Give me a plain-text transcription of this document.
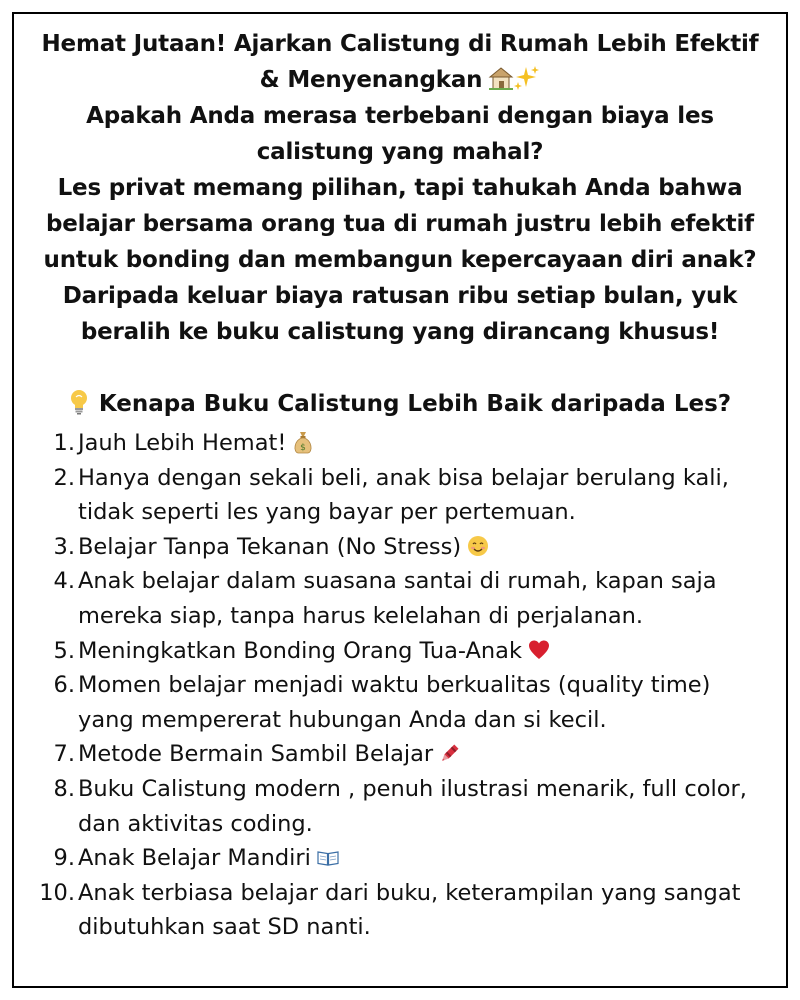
Hemat Jutaan! Ajarkan Calistung di Rumah Lebih Efektif & Menyenangkan

Apakah Anda merasa terbebani dengan biaya les calistung yang mahal?

Les privat memang pilihan, tapi tahukah Anda bahwa belajar bersama orang tua di rumah justru lebih efektif untuk bonding dan membangun kepercayaan diri anak? Daripada keluar biaya ratusan ribu setiap bulan, yuk beralih ke buku calistung yang dirancang khusus!

Kenapa Buku Calistung Lebih Baik daripada Les?
1. Jauh Lebih Hemat! $
2. Hanya dengan sekali beli, anak bisa belajar berulang kali, tidak seperti les yang bayar per pertemuan.
3. Belajar Tanpa Tekanan (No Stress)
4. Anak belajar dalam suasana santai di rumah, kapan saja mereka siap, tanpa harus kelelahan di perjalanan.
5. Meningkatkan Bonding Orang Tua-Anak
6. Momen belajar menjadi waktu berkualitas (quality time) yang mempererat hubungan Anda dan si kecil.
7. Metode Bermain Sambil Belajar
8. Buku Calistung modern , penuh ilustrasi menarik, full color, dan aktivitas coding.
9. Anak Belajar Mandiri
10. Anak terbiasa belajar dari buku, keterampilan yang sangat dibutuhkan saat SD nanti.
